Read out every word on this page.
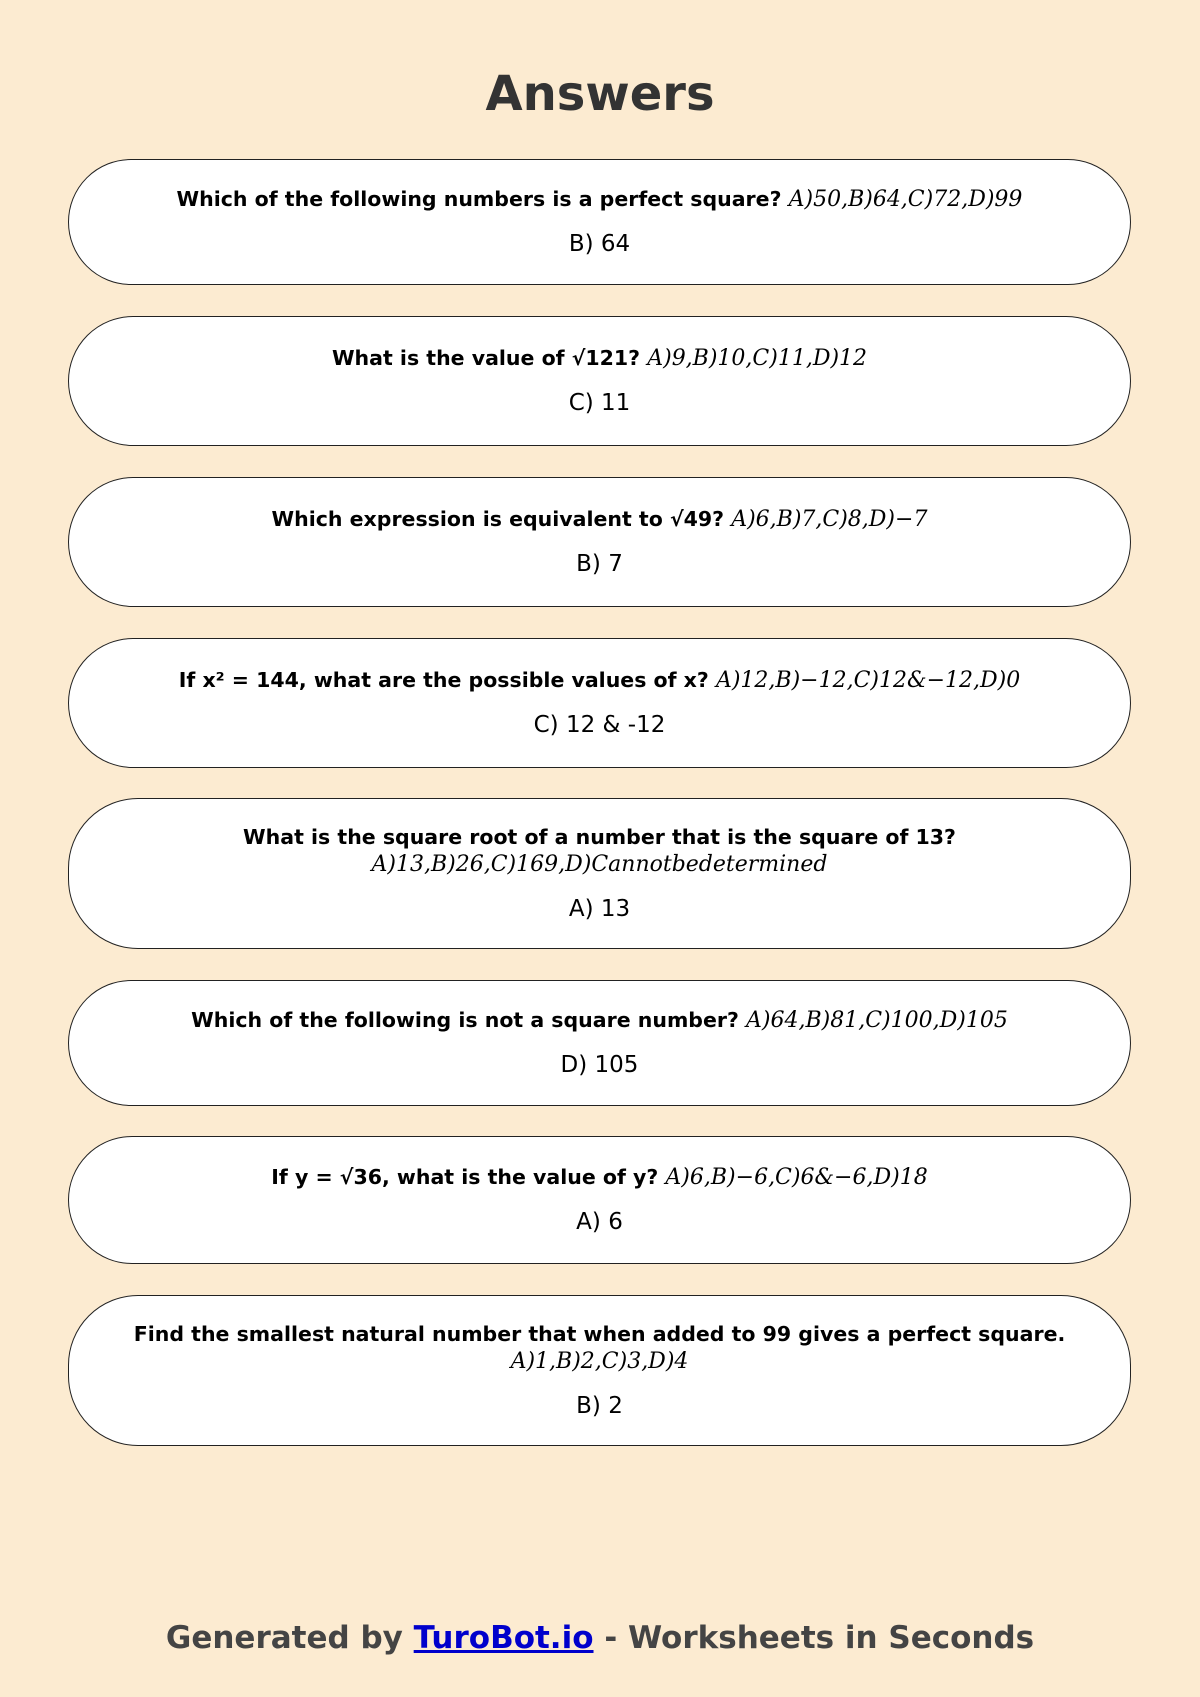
Answers
Which of the following numbers is a perfect square? A)50,B)64,C)72,D)99
B) 64
What is the value of √121? A)9,B)10,C)11,D)12
C) 11
Which expression is equivalent to √49? A)6,B)7,C)8,D)−7
B) 7
If x² = 144, what are the possible values of x? A)12,B)−12,C)12&−12,D)0
C) 12 & -12
What is the square root of a number that is the square of 13?
A)13,B)26,C)169,D)Cannotbedetermined
A) 13
Which of the following is not a square number? A)64,B)81,C)100,D)105
D) 105
If y = √36, what is the value of y? A)6,B)−6,C)6&−6,D)18
A) 6
Find the smallest natural number that when added to 99 gives a perfect square.
A)1,B)2,C)3,D)4
B) 2
Generated by TuroBot.io - Worksheets in Seconds
